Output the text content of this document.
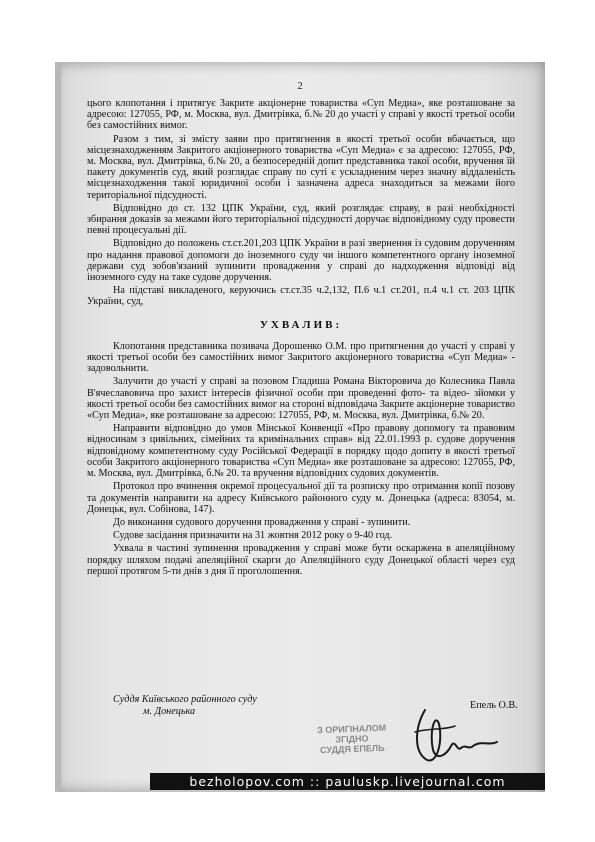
2

цього клопотання і притягує Закрите акціонерне товариства «Суп Медиа», яке розташоване за адресою: 127055, РФ, м. Москва, вул. Дмитрівка, б.№ 20 до участі у справі у якості третьої особи без самостійних вимог.

Разом з тим, зі змісту заяви про притягнення в якості третьої особи вбачається, що місцезнаходженням Закритого акціонерного товариства «Суп Медиа» є за адресою: 127055, РФ, м. Москва, вул. Дмитрівка, б.№ 20, а безпосередній допит представника такої особи, вручення їй пакету документів суд, який розглядає справу по суті є ускладненим через значну віддаленість місцезнаходження такої юридичної особи і зазначена адреса знаходиться за межами його територіальної підсудності.

Відповідно до ст. 132 ЦПК України, суд, який розглядає справу, в разі необхідності збирання доказів за межами його територіальної підсудності доручає відповідному суду провести певні процесуальні дії.

Відповідно до положень ст.ст.201,203 ЦПК України в разі звернення із судовим дорученням про надання правової допомоги до іноземного суду чи іншого компетентного органу іноземної держави суд зобов'язаний зупинити провадження у справі до надходження відповіді від іноземного суду на таке судове доручення.

На підставі викладеного, керуючись ст.ст.35 ч.2,132, П.6 ч.1 ст.201, п.4 ч.1 ст. 203 ЦПК України, суд,

УХВАЛИВ:

Клопотання представника позивача Дорошенко О.М. про притягнення до участі у справі у якості третьої особи без самостійних вимог Закритого акціонерного товариства «Суп Медиа» - задовольнити.

Залучити до участі у справі за позовом Гладиша Романа Вікторовича до Колесника Павла В'ячеславовича про захист інтересів фізичної особи при проведенні фото- та відео- зйомки у якості третьої особи без самостійних вимог на стороні відповідача Закрите акціонерне товариство «Суп Медиа», яке розташоване за адресою: 127055, РФ, м. Москва, вул. Дмитрівка, б.№ 20.

Направити відповідно до умов Мінської Конвенції «Про правову допомогу та правовим відносинам з цивільних, сімейних та кримінальних справ» від 22.01.1993 р. судове доручення відповідному компетентному суду Російської Федерації в порядку щодо допиту в якості третьої особи Закритого акціонерного товариства «Суп Медиа» яке розташоване за адресою: 127055, РФ, м. Москва, вул. Дмитрівка, б.№ 20. та вручення відповідних судових документів.

Протокол про вчинення окремої процесуальної дії та розписку про отримання копії позову та документів направити на адресу Київського районного суду м. Донецька (адреса: 83054, м. Донецьк, вул. Собінова, 147).

До виконання судового доручення провадження у справі - зупинити.

Судове засідання призначити на 31 жовтня 2012 року о 9-40 год.

Ухвала в частині зупинення провадження у справі може бути оскаржена в апеляційному порядку шляхом подачі апеляційної скарги до Апеляційного суду Донецької області через суд першої протягом 5-ти днів з дня її проголошення.

Суддя Київського районного суду
м. Донецька
Епель О.В.
З ОРИГІНАЛОМ
ЗГІДНО
СУДДЯ ЕПЕЛЬ
bezholopov.com :: pauluskp.livejournal.com
